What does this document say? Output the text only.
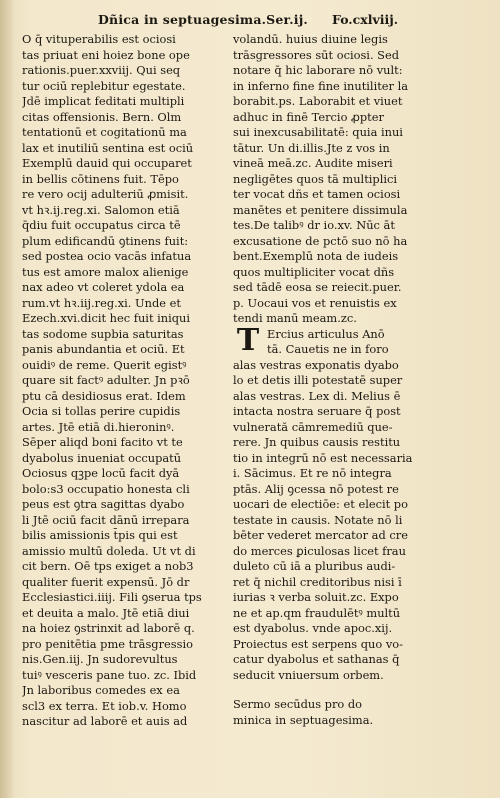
Dñica in septuagesima.Ser.ij. Fo.cxlviij.
O q̄ vituperabilis est ociosi
tas priuat eni hoiez bone ope
rationis.puer.xxviij. Qui seq
tur ociū replebitur egestate.
Jdē implicat feditati multipli
citas offensionis. Bern. Olm
tentationū et cogitationū ma
lax et inutiliū sentina est ociū
Exemplū dauid qui occuparet
in bellis cōtinens fuit. Tēpo
re vero ocij adulteriū ꝓmisit.
vt hꝛ.ij.reg.xi. Salomon etiā
q̄diu fuit occupatus circa tē
plum edificandū ꝯtinens fuit:
sed postea ocio vacās infatua
tus est amore malox alienige
nax adeo vt coleret ydola ea
rum.vt hꝛ.iij.reg.xi. Unde et
Ezech.xvi.dicit hec fuit iniqui
tas sodome supbia saturitas
panis abundantia et ociū. Et
ouidiꝰ de reme. Querit egistꝰ
quare sit factꝰ adulter. Jn pꝛō
ptu cā desidiosus erat. Idem
Ocia si tollas perire cupidis
artes. Jtē etiā di.hieroninꝰ.
Sēper aliqd boni facito vt te
dyabolus inueniat occupatū
Ociosus qꝫpe locū facit dyā
bolo:s3 occupatio honesta cli
peus est ꝯtra sagittas dyabo
li Jtē ociū facit dānū irrepara
bilis amissionis t̄pis qui est
amissio multū doleda. Ut vt di
cit bern. Oē tps exiget a nob3
qualiter fuerit expensū. Jō dr
Ecclesiastici.iiij. Fili ꝯserua tps
et deuita a malo. Jtē etiā diui
na hoiez ꝯstrinxit ad laborē q.
pro penitētia pme trāsgressio
nis.Gen.iij. Jn sudorevultus
tuiꝰ vesceris pane tuo. zc. Ibid
Jn laboribus comedes ex ea
scl3 ex terra. Et iob.v. Homo
nascitur ad laborē et auis ad
volandū. huius diuine legis
trāsgressores sūt ociosi. Sed
notare q̄ hic laborare nō vult:
in inferno fine fine inutiliter la
borabit.ps. Laborabit et viuet
adhuc in finē Tercio ꝓpter
sui inexcusabilitatē: quia inui
tātur. Un di.illis.Jte z vos in
vineā meā.zc. Audite miseri
negligētes quos tā multiplici
ter vocat dñs et tamen ociosi
manētes et penitere dissimula
tes.De talibꝰ dr io.xv. Nūc āt
excusatione de pctō suo nō ha
bent.Exemplū nota de iudeis
quos multipliciter vocat dñs
sed tādē eosa se reiecit.puer.
p. Uocaui vos et renuistis ex
tendi manū meam.zc.
T Ercius articulus Anō
tā. Cauetis ne in foro
alas vestras exponatis dyabo
lo et detis illi potestatē super
alas vestras. Lex di. Melius ē
intacta nostra seruare q̄ post
vulnerată cāmremediū que-
rere. Jn quibus causis restitu
tio in integrū nō est necessaria
i. Sācimus. Et re nō integra
ptās. Alij ꝯcessa nō potest re
uocari de electiōe: et elecit po
testate in causis. Notate nō li
bēter vederet mercator ad cre
do merces ꝑiculosas licet frau
duleto cū iā a pluribus audi-
ret q̄ nichil creditoribus nisi ī
iurias ꝛ verba soluit.zc. Expo
ne et ap.qm fraudulētꝰ multū
est dyabolus. vnde apoc.xij.
Proiectus est serpens quo vo-
catur dyabolus et sathanas q̄
seducit vniuersum orbem.
Sermo secūdus pro do
minica in septuagesima.
